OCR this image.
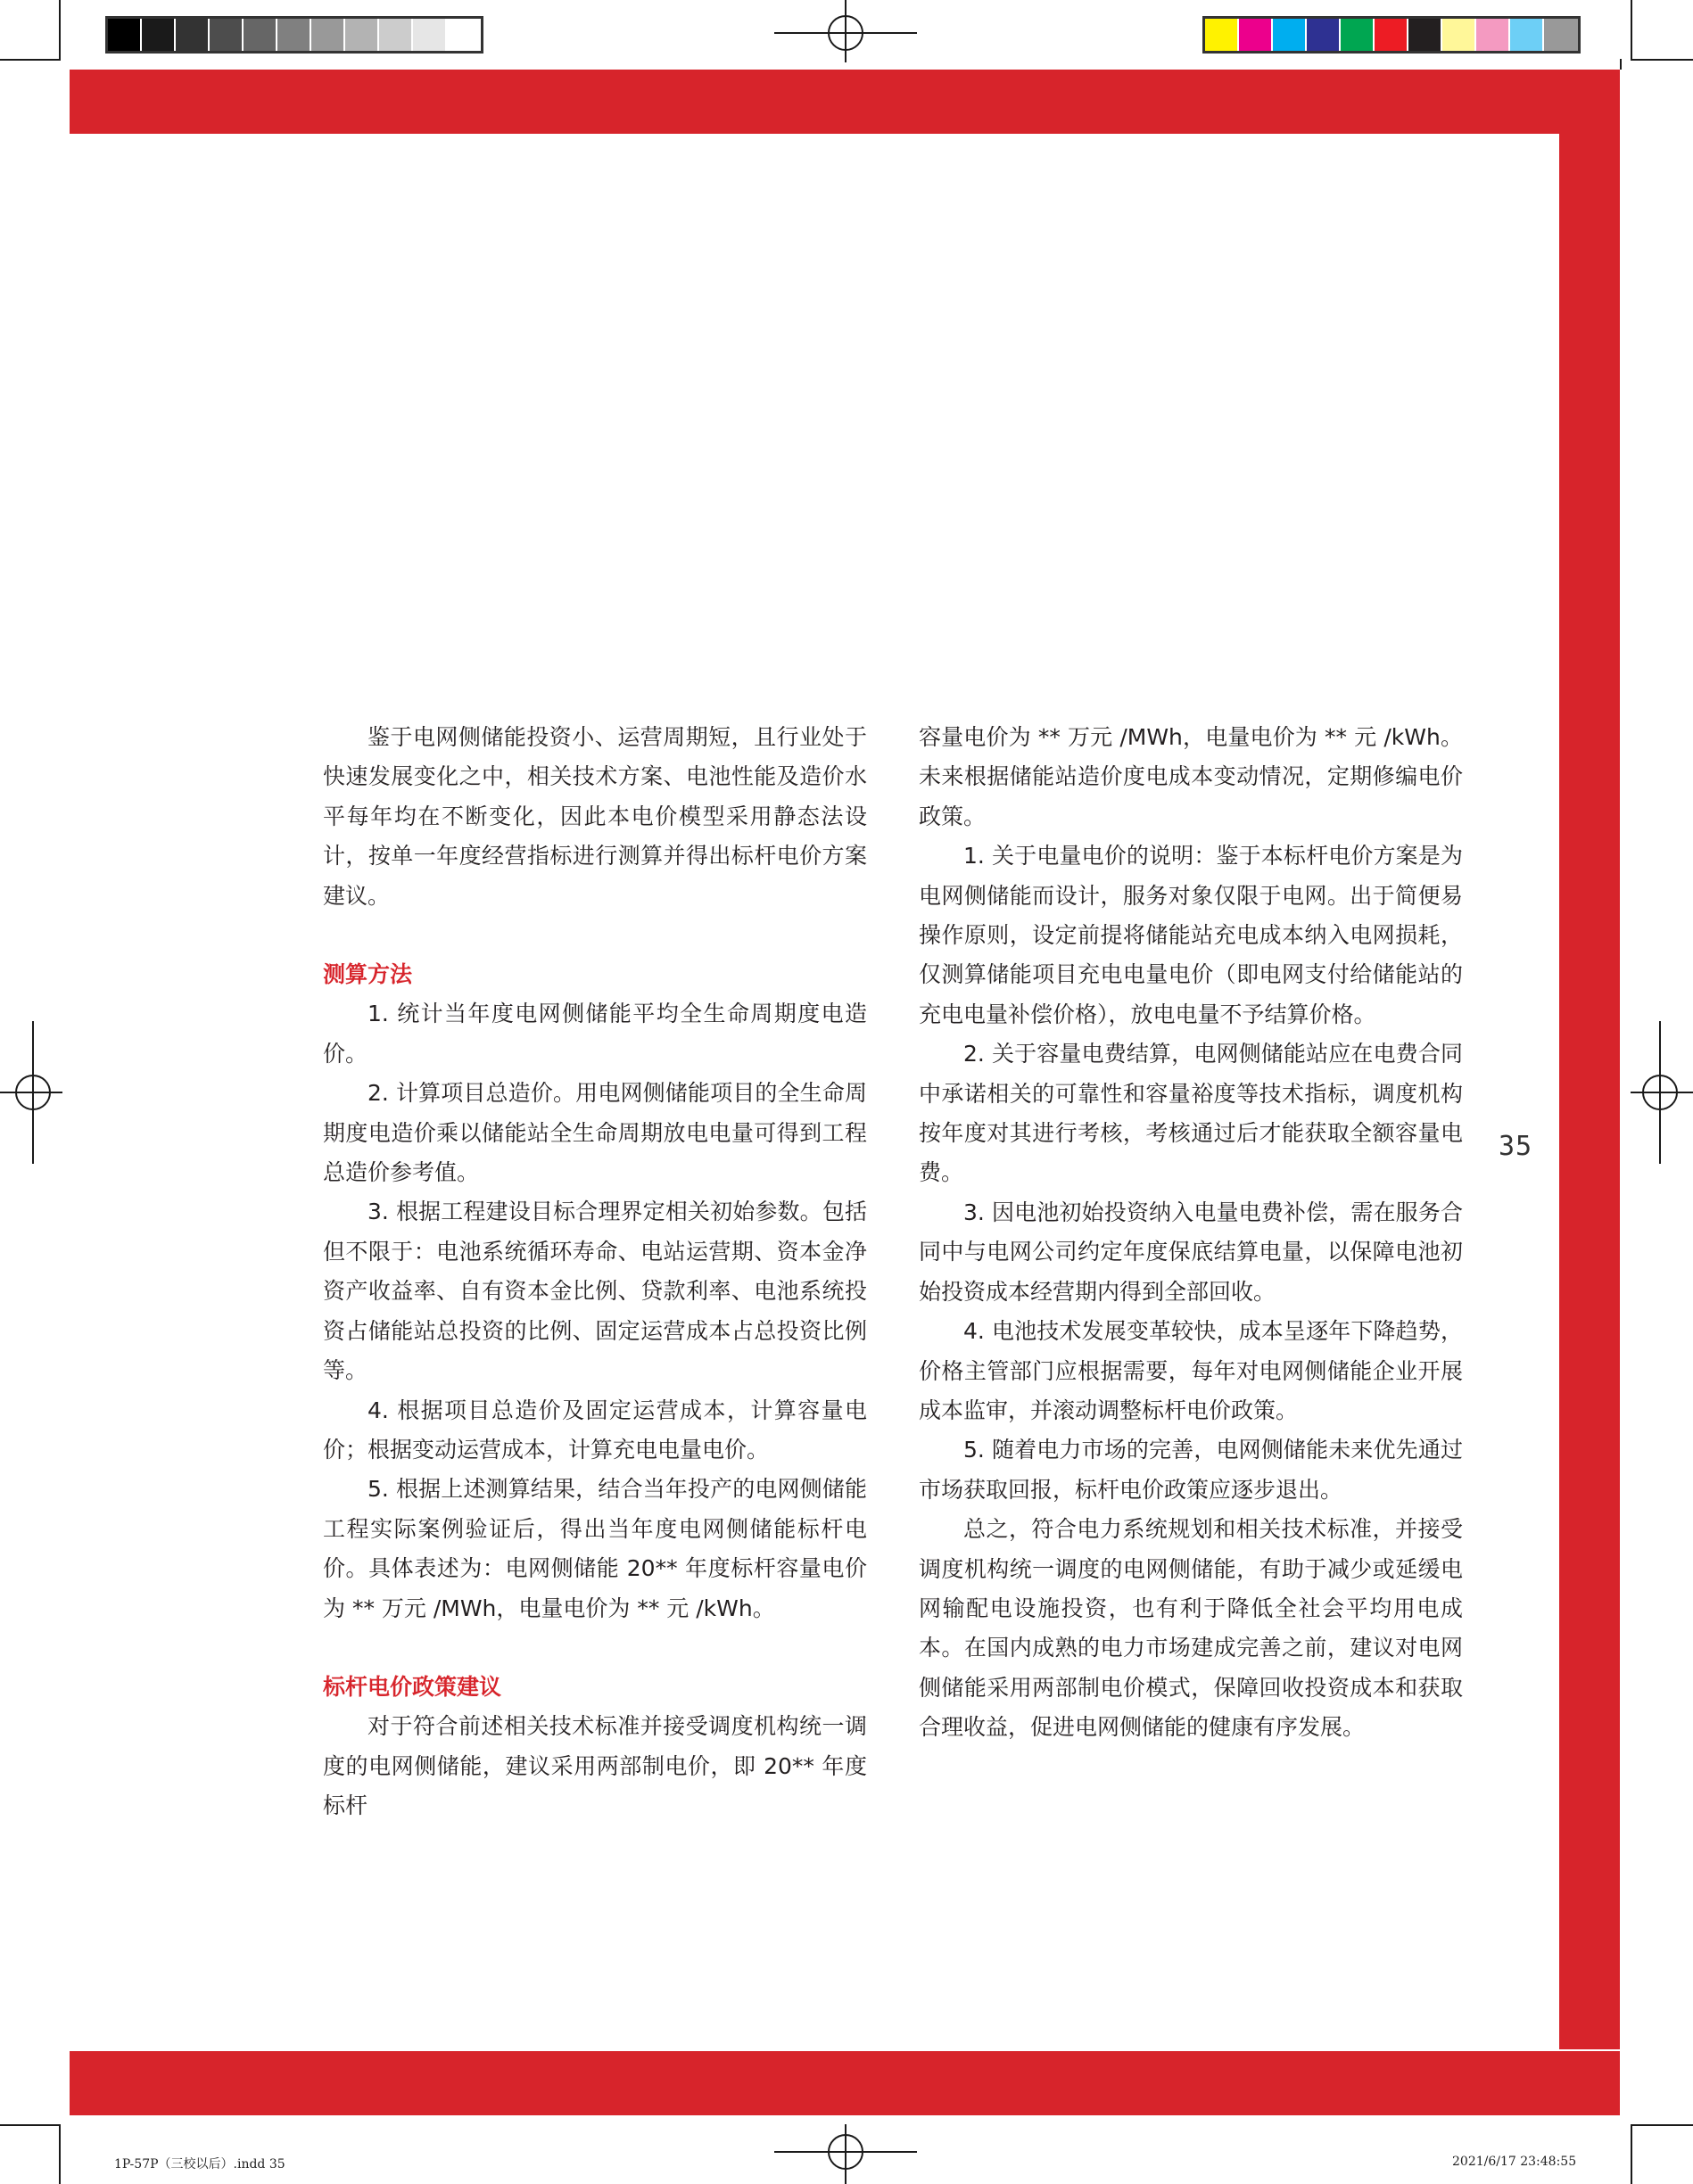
鉴于电网侧储能投资小、运营周期短，且行业处于快速发展变化之中，相关技术方案、电池性能及造价水平每年均在不断变化，因此本电价模型采用静态法设计，按单一年度经营指标进行测算并得出标杆电价方案建议。

测算方法

1. 统计当年度电网侧储能平均全生命周期度电造价。

2. 计算项目总造价。用电网侧储能项目的全生命周期度电造价乘以储能站全生命周期放电电量可得到工程总造价参考值。

3. 根据工程建设目标合理界定相关初始参数。包括但不限于：电池系统循环寿命、电站运营期、资本金净资产收益率、自有资本金比例、贷款利率、电池系统投资占储能站总投资的比例、固定运营成本占总投资比例等。

4. 根据项目总造价及固定运营成本，计算容量电价；根据变动运营成本，计算充电电量电价。

5. 根据上述测算结果，结合当年投产的电网侧储能工程实际案例验证后，得出当年度电网侧储能标杆电价。具体表述为：电网侧储能 20** 年度标杆容量电价为 ** 万元 /MWh，电量电价为 ** 元 /kWh。

标杆电价政策建议

对于符合前述相关技术标准并接受调度机构统一调度的电网侧储能，建议采用两部制电价，即 20** 年度标杆

容量电价为 ** 万元 /MWh，电量电价为 ** 元 /kWh。未来根据储能站造价度电成本变动情况，定期修编电价政策。

1. 关于电量电价的说明：鉴于本标杆电价方案是为电网侧储能而设计，服务对象仅限于电网。出于简便易操作原则，设定前提将储能站充电成本纳入电网损耗，仅测算储能项目充电电量电价（即电网支付给储能站的充电电量补偿价格），放电电量不予结算价格。

2. 关于容量电费结算，电网侧储能站应在电费合同中承诺相关的可靠性和容量裕度等技术指标，调度机构按年度对其进行考核，考核通过后才能获取全额容量电费。

3. 因电池初始投资纳入电量电费补偿，需在服务合同中与电网公司约定年度保底结算电量，以保障电池初始投资成本经营期内得到全部回收。

4. 电池技术发展变革较快，成本呈逐年下降趋势，价格主管部门应根据需要，每年对电网侧储能企业开展成本监审，并滚动调整标杆电价政策。

5. 随着电力市场的完善，电网侧储能未来优先通过市场获取回报，标杆电价政策应逐步退出。

总之，符合电力系统规划和相关技术标准，并接受调度机构统一调度的电网侧储能，有助于减少或延缓电网输配电设施投资，也有利于降低全社会平均用电成本。在国内成熟的电力市场建成完善之前，建议对电网侧储能采用两部制电价模式，保障回收投资成本和获取合理收益，促进电网侧储能的健康有序发展。

35
1P-57P（三校以后）.indd 35	2021/6/17 23:48:55
